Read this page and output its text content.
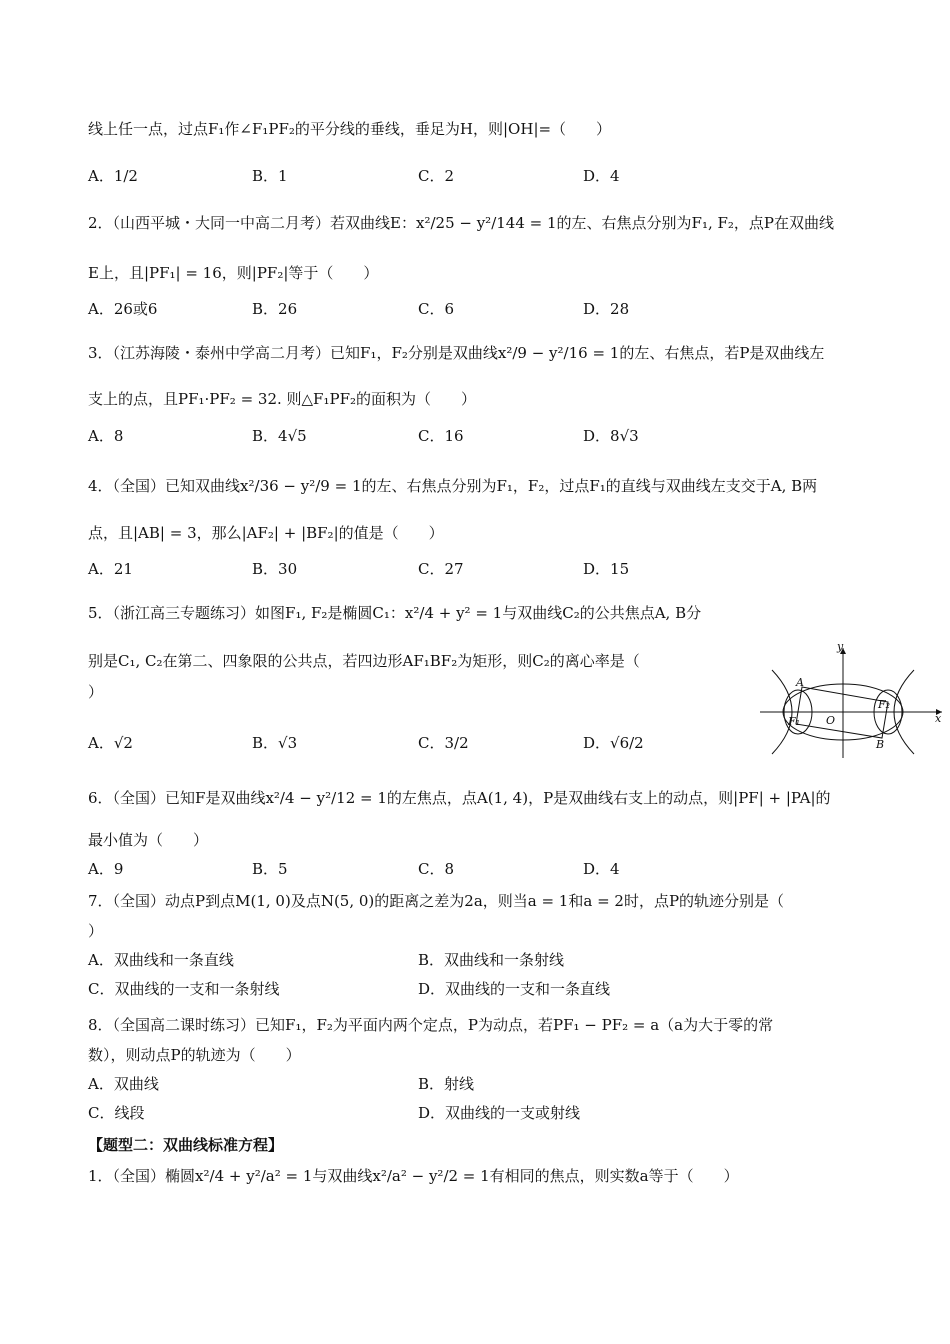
线上任一点，过点F₁作∠F₁PF₂的平分线的垂线，垂足为H，则|OH|=（　　）
2．（山西平城・大同一中高二月考）若双曲线E：x²/25 − y²/144 = 1的左、右焦点分别为F₁, F₂，点P在双曲线
E上，且|PF₁| = 16，则|PF₂|等于（　　）
3．（江苏海陵・泰州中学高二月考）已知F₁，F₂分别是双曲线x²/9 − y²/16 = 1的左、右焦点，若P是双曲线左
支上的点，且PF₁·PF₂ = 32. 则△F₁PF₂的面积为（　　）
4．（全国）已知双曲线x²/36 − y²/9 = 1的左、右焦点分别为F₁，F₂，过点F₁的直线与双曲线左支交于A, B两
点，且|AB| = 3，那么|AF₂| + |BF₂|的值是（　　）
5．（浙江高三专题练习）如图F₁, F₂是椭圆C₁：x²/4 + y² = 1与双曲线C₂的公共焦点A, B分
别是C₁, C₂在第二、四象限的公共点，若四边形AF₁BF₂为矩形，则C₂的离心率是（
）
6．（全国）已知F是双曲线x²/4 − y²/12 = 1的左焦点，点A(1, 4)，P是双曲线右支上的动点，则|PF| + |PA|的
最小值为（　　）
7．（全国）动点P到点M(1, 0)及点N(5, 0)的距离之差为2a，则当a = 1和a = 2时，点P的轨迹分别是（
）
8．（全国高二课时练习）已知F₁，F₂为平面内两个定点，P为动点，若PF₁ − PF₂ = a（a为大于零的常
数），则动点P的轨迹为（　　）
1．（全国）椭圆x²/4 + y²/a² = 1与双曲线x²/a² − y²/2 = 1有相同的焦点，则实数a等于（　　）
【题型二：双曲线标准方程】
A．1/2	B．1	C．2	D．4
A．26或6	B．26	C．6	D．28
A．8	B．4√5	C．16	D．8√3
A．21	B．30	C．27	D．15
A．√2	B．√3	C．3/2	D．√6/2
A．9	B．5	C．8	D．4
A．双曲线和一条直线	B．双曲线和一条射线
C．双曲线的一支和一条射线	D．双曲线的一支和一条直线
A．双曲线	B．射线
C．线段	D．双曲线的一支或射线
y
x
A
B
O
F₁
F₂
